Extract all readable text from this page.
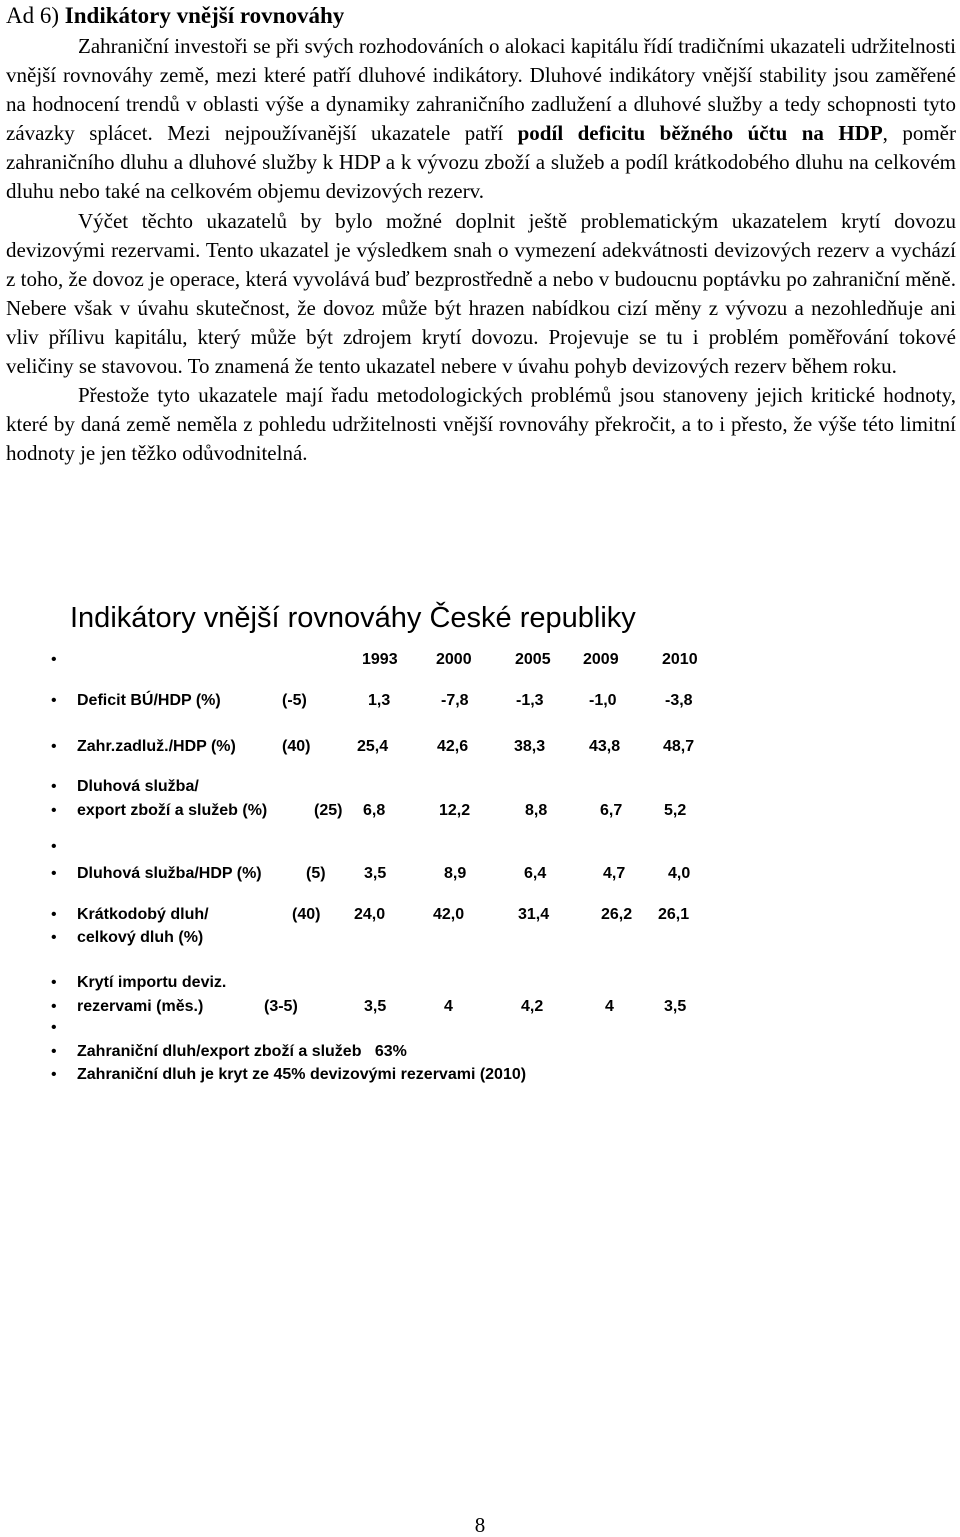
Ad 6) Indikátory vnější rovnováhy

Zahraniční investoři se při svých rozhodováních o alokaci kapitálu řídí tradičními ukazateli udržitelnosti vnější rovnováhy země, mezi které patří dluhové indikátory. Dluhové indikátory vnější stability jsou zaměřené na hodnocení trendů v oblasti výše a dynamiky zahraničního zadlužení a dluhové služby a tedy schopnosti tyto závazky splácet. Mezi nejpoužívanější ukazatele patří podíl deficitu běžného účtu na HDP, poměr zahraničního dluhu a dluhové služby k HDP a k vývozu zboží a služeb a podíl krátkodobého dluhu na celkovém dluhu nebo také na celkovém objemu devizových rezerv.

Výčet těchto ukazatelů by bylo možné doplnit ještě problematickým ukazatelem krytí dovozu devizovými rezervami. Tento ukazatel je výsledkem snah o vymezení adekvátnosti devizových rezerv a vychází z toho, že dovoz je operace, která vyvolává buď bezprostředně a nebo v budoucnu poptávku po zahraniční měně. Nebere však v úvahu skutečnost, že dovoz může být hrazen nabídkou cizí měny z vývozu a nezohledňuje ani vliv přílivu kapitálu, který může být zdrojem krytí dovozu. Projevuje se tu i problém poměřování tokové veličiny se stavovou. To znamená že tento ukazatel nebere v úvahu pohyb devizových rezerv během roku.

Přestože tyto ukazatele mají řadu metodologických problémů jsou stanoveny jejich kritické hodnoty, které by daná země neměla z pohledu udržitelnosti vnější rovnováhy překročit, a to i přesto, že výše této limitní hodnoty je jen těžko odůvodnitelná.

Indikátory vnější rovnováhy České republiky
•	1993 2000	2005 2009	2010
• Deficit BÚ/HDP (%)	(-5)	1,3	-7,8	-1,3	-1,0	-3,8
• Zahr.zadluž./HDP (%)	(40)	25,4	42,6	38,3	43,8	48,7
• Dluhová služba/
• export zboží a služeb (%)	(25) 6,8	12,2	8,8	6,7	5,2
•
• Dluhová služba/HDP (%)	(5) 3,5	8,9	6,4	4,7	4,0
• Krátkodobý dluh/	(40) 24,0	42,0	31,4	26,2 26,1
• celkový dluh (%)
• Krytí importu deviz.
• rezervami (měs.)	(3-5)	3,5	4	4,2	4	3,5
•
• Zahraniční dluh/export zboží a služeb   63%
• Zahraniční dluh je kryt ze 45% devizovými rezervami (2010)
8
